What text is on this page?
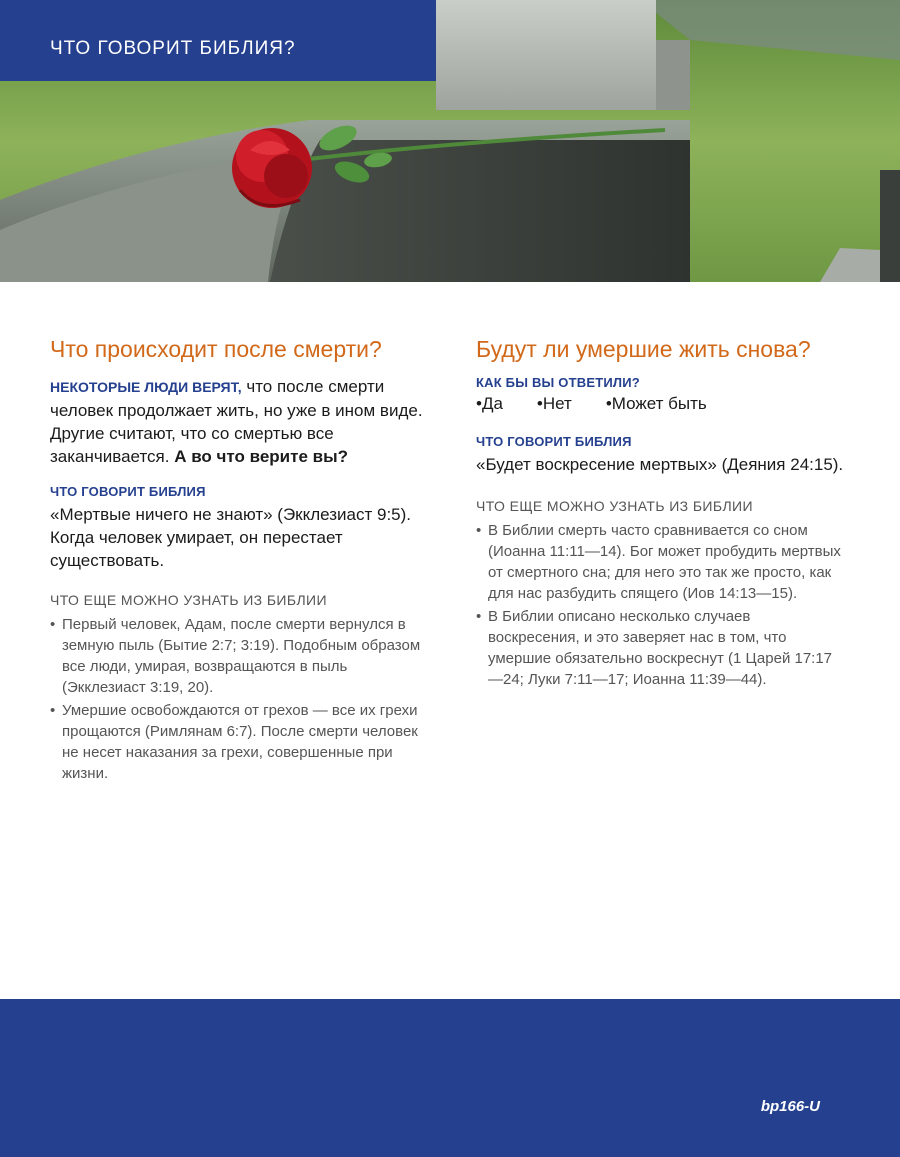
ЧТО ГОВОРИТ БИБЛИЯ?
Что происходит после смерти?

НЕКОТОРЫЕ ЛЮДИ ВЕРЯТ, что после смерти человек продолжает жить, но уже в ином виде. Другие считают, что со смертью все заканчивается. А во что верите вы?

ЧТО ГОВОРИТ БИБЛИЯ

«Мертвые ничего не знают» (Экклезиаст 9:5). Когда человек умирает, он перестает существовать.

ЧТО ЕЩЕ МОЖНО УЗНАТЬ ИЗ БИБЛИИ
• Первый человек, Адам, после смерти вернулся в земную пыль (Бытие 2:7; 3:19). Подобным образом все люди, умирая, возвращаются в пыль (Экклезиаст 3:19, 20).
• Умершие освобождаются от грехов — все их грехи прощаются (Римлянам 6:7). После смерти человек не несет наказания за грехи, совершенные при жизни.
Будут ли умершие жить снова?
КАК БЫ ВЫ ОТВЕТИЛИ?
• Да	• Нет	• Может быть
ЧТО ГОВОРИТ БИБЛИЯ

«Будет воскресение мертвых» (Деяния 24:15).

ЧТО ЕЩЕ МОЖНО УЗНАТЬ ИЗ БИБЛИИ
• В Библии смерть часто сравнивается со сном (Иоанна 11:11—14). Бог может пробудить мертвых от смертного сна; для него это так же просто, как для нас разбудить спящего (Иов 14:13—15).
• В Библии описано несколько случаев воскресения, и это заверяет нас в том, что умершие обязательно воскреснут (1 Царей 17:17—24; Луки 7:11—17; Иоанна 11:39—44).
bp166-U
